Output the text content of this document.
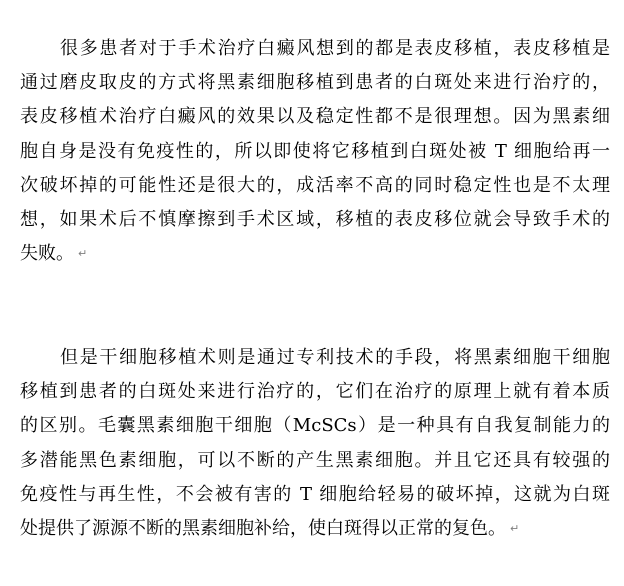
很多患者对于手术治疗白癜风想到的都是表皮移植，表皮移植是
通过磨皮取皮的方式将黑素细胞移植到患者的白斑处来进行治疗的，
表皮移植术治疗白癜风的效果以及稳定性都不是很理想。因为黑素细
胞自身是没有免疫性的，所以即使将它移植到白斑处被 T 细胞给再一
次破坏掉的可能性还是很大的，成活率不高的同时稳定性也是不太理
想，如果术后不慎摩擦到手术区域，移植的表皮移位就会导致手术的
失败。 ↵
但是干细胞移植术则是通过专利技术的手段，将黑素细胞干细胞
移植到患者的白斑处来进行治疗的，它们在治疗的原理上就有着本质
的区别。毛囊黑素细胞干细胞（McSCs）是一种具有自我复制能力的
多潜能黑色素细胞，可以不断的产生黑素细胞。并且它还具有较强的
免疫性与再生性，不会被有害的 T 细胞给轻易的破坏掉，这就为白斑
处提供了源源不断的黑素细胞补给，使白斑得以正常的复色。 ↵
